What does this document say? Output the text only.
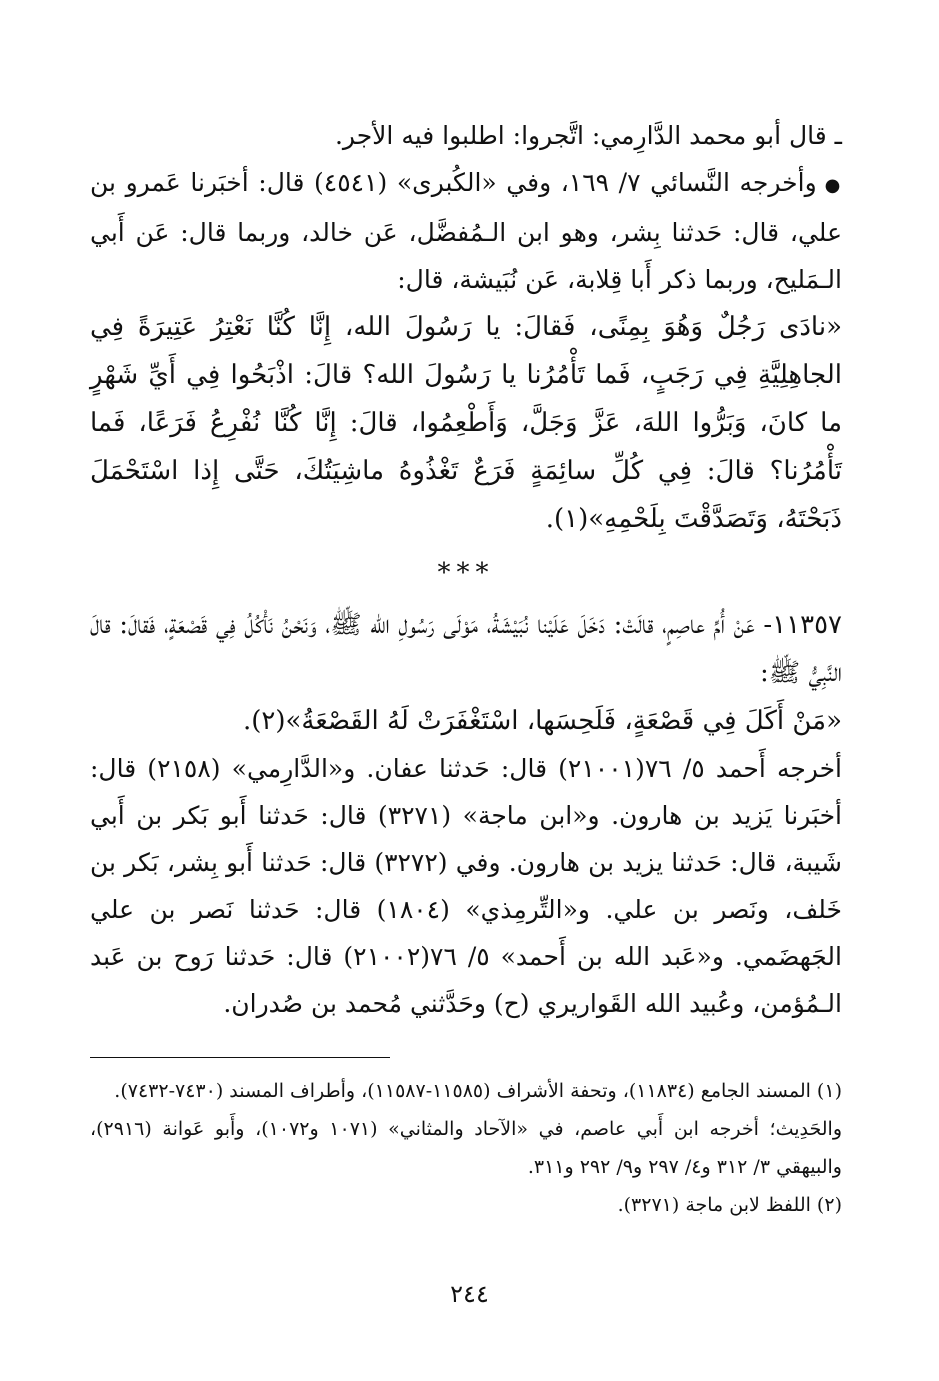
ـ قال أبو محمد الدَّارِمي: اتَّجروا: اطلبوا فيه الأجر.

●وأخرجه النَّسائي ٧/ ١٦٩، وفي «الكُبرى» (٤٥٤١) قال: أخبَرنا عَمرو بن علي، قال: حَدثنا بِشر، وهو ابن الـمُفضَّل، عَن خالد، وربما قال: عَن أَبي الـمَليح، وربما ذكر أَبا قِلابة، عَن نُبَيشة، قال:

«نادَى رَجُلٌ وَهُوَ بِمِنًى، فَقالَ: يا رَسُولَ الله، إِنَّا كُنَّا نَعْتِرُ عَتِيرَةً فِي الجاهِلِيَّةِ فِي رَجَبٍ، فَما تَأْمُرُنا يا رَسُولَ الله؟ قالَ: اذْبَحُوا فِي أَيِّ شَهْرٍ ما كانَ، وَبَرُّوا اللهَ، عَزَّ وَجَلَّ، وَأَطْعِمُوا، قالَ: إِنَّا كُنَّا نُفْرِعُ فَرَعًا، فَما تَأْمُرُنا؟ قالَ: فِي كُلِّ سائِمَةٍ فَرَعٌ تَغْذُوهُ ماشِيَتُكَ، حَتَّى إِذا اسْتَحْمَلَ ذَبَحْتَهُ، وَتَصَدَّقْتَ بِلَحْمِهِ»(١).

***

١١٣٥٧- عَنْ أُمِّ عاصِمٍ، قالَتْ: دَخَلَ عَلَيْنا نُبَيْشَةُ، مَوْلَى رَسُولِ الله ﷺ، وَنَحْنُ نَأْكُلُ فِي قَصْعَةٍ، فَقالَ: قالَ النَّبِيُّ ﷺ:

«مَنْ أَكَلَ فِي قَصْعَةٍ، فَلَحِسَها، اسْتَغْفَرَتْ لَهُ القَصْعَةُ»(٢).

أخرجه أَحمد ٥/ ٧٦(٢١٠٠١) قال: حَدثنا عفان. و«الدَّارِمي» (٢١٥٨) قال: أخبَرنا يَزيد بن هارون. و«ابن ماجة» (٣٢٧١) قال: حَدثنا أَبو بَكر بن أَبي شَيبة، قال: حَدثنا يزيد بن هارون. وفي (٣٢٧٢) قال: حَدثنا أَبو بِشر، بَكر بن خَلف، ونَصر بن علي. و«التِّرمِذي» (١٨٠٤) قال: حَدثنا نَصر بن علي الجَهضَمي. و«عَبد الله بن أَحمد» ٥/ ٧٦(٢١٠٠٢) قال: حَدثنا رَوح بن عَبد الـمُؤمن، وعُبيد الله القَواريري (ح) وحَدَّثني مُحمد بن صُدران.

(١) المسند الجامع (١١٨٣٤)، وتحفة الأشراف (١١٥٨٥-١١٥٨٧)، وأطراف المسند (٧٤٣٠-٧٤٣٢).

والحَدِيث؛ أخرجه ابن أَبي عاصم، في «الآحاد والمثاني» (١٠٧١ و١٠٧٢)، وأَبو عَوانة (٢٩١٦)، والبيهقي ٣/ ٣١٢ و٤/ ٢٩٧ و٩/ ٢٩٢ و٣١١.

(٢) اللفظ لابن ماجة (٣٢٧١).

٢٤٤
